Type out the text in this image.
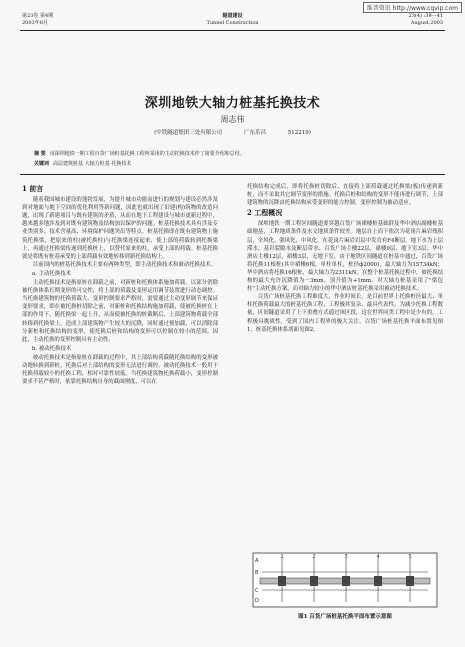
维普资讯 http://www.cqvip.com
第23卷 第4期
2003年8月
隧道建设
Tunnel Construction
23(4) :39－41
August,2003
深圳地铁大轴力桩基托换技术
周志伟
(中铁隧道集团三处有限公司	广东乐昌	512219)
摘 要 该深圳地铁一期工程百货广场桩基托换工程所采用的主动托换技术作了简要介绍和总结。
关键词 高层建筑桩基 大轴力桩基 托换技术
1 前言

随着我国城市建设的蓬勃发展，为提升城市功能而进行的规划与建设必然涉及到对地面与地下空间的优化利用等新问题，因此也就出现了旧建(构)筑物的改造问题，出现了新建项目与既有建筑的矛盾，从而在地下工程建设与城市更新过程中，越来越多地涉及到对既有建筑物及结构加以保护的问题。桩基托换技术具有涉及专业类别多、技术含量高、环境保护问题突出等特点。桩基托换即在既有建筑物上施筑托换梁，把原来的柱(被托换柱)与托换梁连接起来，使上部的荷载转到托换梁上，再通过托换梁传递到托换桩上，以替代原来的柱，承受上部的荷载。桩基托换就是将既有桩基承受的上部荷载有效地转移到新托换结构上。

目前国内的桩基托换技术主要有两种类型，即主动托换技术和被动托换技术。

a. 主动托换技术

主动托换技术是指原桩在卸载之前，对新桩和托换体系施加荷载，以部分消除被托换体系长期变形的可交性，将上部的荷载及变形运用调节装置进行动态调控。当托换建筑物的托换荷载大、变形控制要求严格时，需要通过主动变形调节来保证变形要求，即在被托换桩切除之前，对新桩和托换结构施加荷载，使被托换桩在上部的作用下，随托换梁一起上升，从而使被托换的桩截断后，上部建筑物荷载全部转移到托换梁上，造成上部建筑物产生较大的沉降，同时通过预加载，可以消除部分新桩和托换结构的变形，使托换后桩和结构的变形可以控制在较小的范围。因此，主动托换的变形控制具有主动性。

b. 被动托换技术

被动托换技术是指原桩在卸载的过程中，其上部结构荷载随托换结构的变形被动地转换到新桩，托换后对上部结构的变形无法进行调控。被动托换技术一般用于托换荷载较小的托换工程，相对可靠性较低。当托换建筑物托换荷载小，变形控制要求不甚严格时，依靠托换结构自身的截面刚度，可以在

托换结构完成后，即将托换桩切除后，直接将上部荷载通过托换梁(板)传递到新桩，而不采取其它调节变形的措施。托换后桩和结构的变形不能再进行调节，上部建筑物的沉降由托换结构承受变形的能力控制，变形控制为被动适应。

2 工程概况

深圳地铁一期工程区间隧道要穿越百货广场裙楼桩基础群及华中酒店副楼桩基础地基，工程地质条件及水文地质条件较差。地层自上而下依次为花岗片麻岩残积层，全风化、强风化、中风化。在花岗片麻岩岩层中发育有F4断层。地下水为上层滞水，基岩裂隙水及断层带水。百货广场主楼22层，裙楼9层，地下室3层；华中酒店主楼12层，裙楼3层，无地下室。由于地铁区间隧道在桩基中通过，百货广场将托换11根桩(其中裙楼6根，单柱单柱，桩径ф2000)，最大轴力为15734kN；华中酒店将托换16根桩，最大轴力为2311kN。在整个桩基托换过程中，被托换结构的最大允许沉降值为－3mm，顶升值为+1mm。对大轴力桩基采用了"梁包柱"主动托换方案，而对轴力较小的华中酒店桩基托换采用被动托换技术。

百货广场桩基托换工程难度大，作业时间长，是目前世界上托换桩径最大、单柱托换荷载最大的桩基托换工程，工程极其复杂，最具代表性。为减少托换工程数量，区间隧道采用了上下重叠方式通过该区段，这在世界同类工程中是少有的，工程极具挑战性，受到了国内工程界的极大关注。百货广场桩基托换平面布置见图1，桩基托换体系剖面见图2。

A
B
C
D
1	2	3	4	5
图1 百货广场桩基托换平面布置示意图
